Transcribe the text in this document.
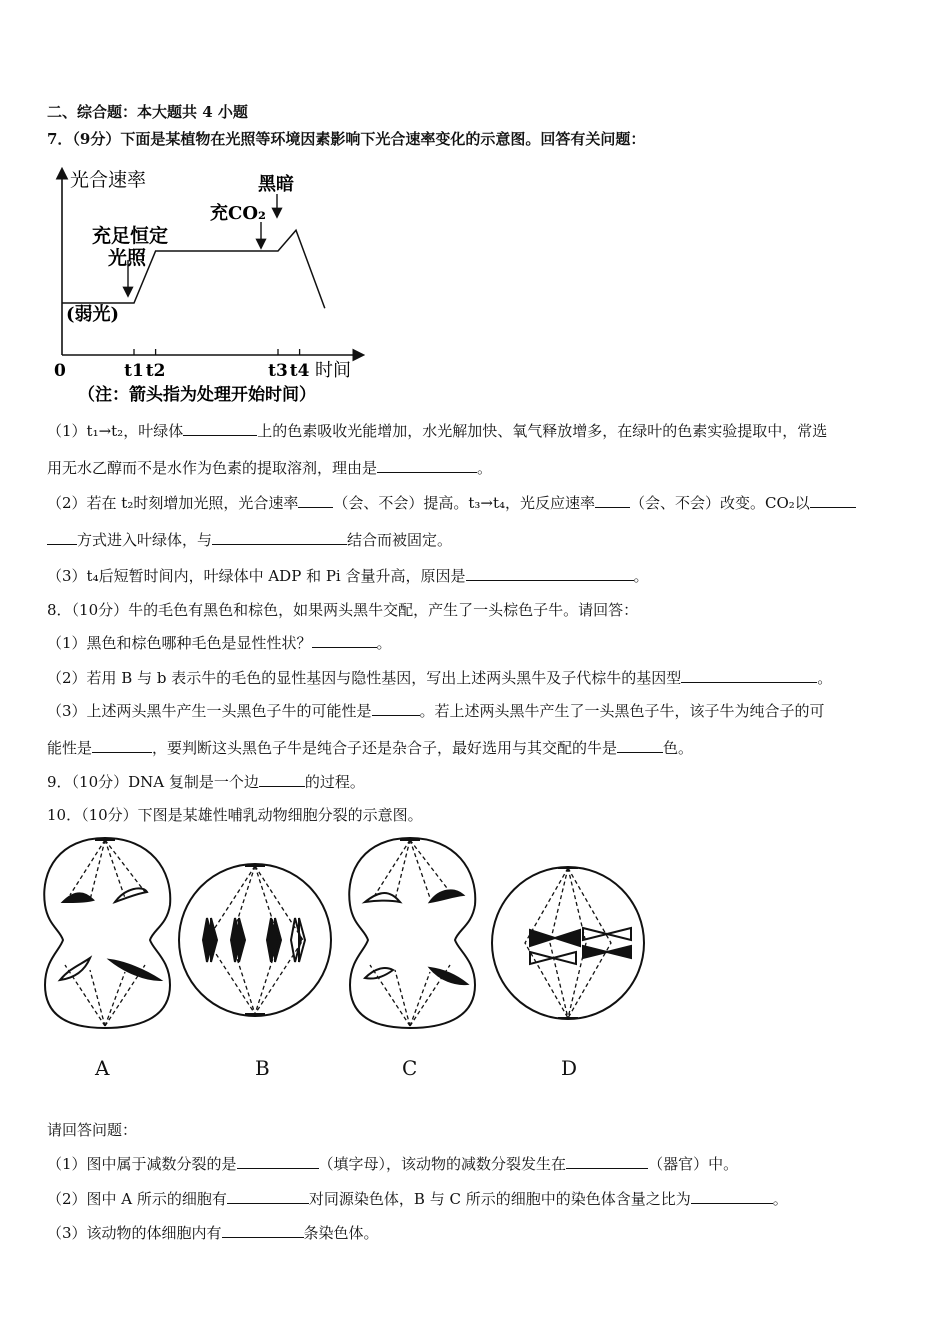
二、综合题：本大题共 4 小题
7．（9分）下面是某植物在光照等环境因素影响下光合速率变化的示意图。回答有关问题：
光合速率
时间
0	t1 t2	t3 t4
(弱光)
充足恒定
光照
充CO₂
黑暗
（注：箭头指为处理开始时间）
（1）t₁→t₂，叶绿体	上的色素吸收光能增加，水光解加快、氧气释放增多，在绿叶的色素实验提取中，常选
用无水乙醇而不是水作为色素的提取溶剂，理由是	。
（2）若在 t₂时刻增加光照，光合速率 （会、不会）提高。t₃→t₄，光反应速率 （会、不会）改变。CO₂以
方式进入叶绿体，与	结合而被固定。
（3）t₄后短暂时间内，叶绿体中 ADP 和 Pi 含量升高，原因是	。
8．（10分）牛的毛色有黑色和棕色，如果两头黑牛交配，产生了一头棕色子牛。请回答：
（1）黑色和棕色哪种毛色是显性性状？	。
（2）若用 B 与 b 表示牛的毛色的显性基因与隐性基因，写出上述两头黑牛及子代棕牛的基因型	。
（3）上述两头黑牛产生一头黑色子牛的可能性是	。若上述两头黑牛产生了一头黑色子牛，该子牛为纯合子的可
能性是	，要判断这头黑色子牛是纯合子还是杂合子，最好选用与其交配的牛是	色。
9．（10分）DNA 复制是一个边	的过程。
10．（10分）下图是某雄性哺乳动物细胞分裂的示意图。
A	B	C	D
请回答问题：
（1）图中属于减数分裂的是	（填字母），该动物的减数分裂发生在	（器官）中。
（2）图中 A 所示的细胞有	对同源染色体，B 与 C 所示的细胞中的染色体含量之比为	。
（3）该动物的体细胞内有	条染色体。
